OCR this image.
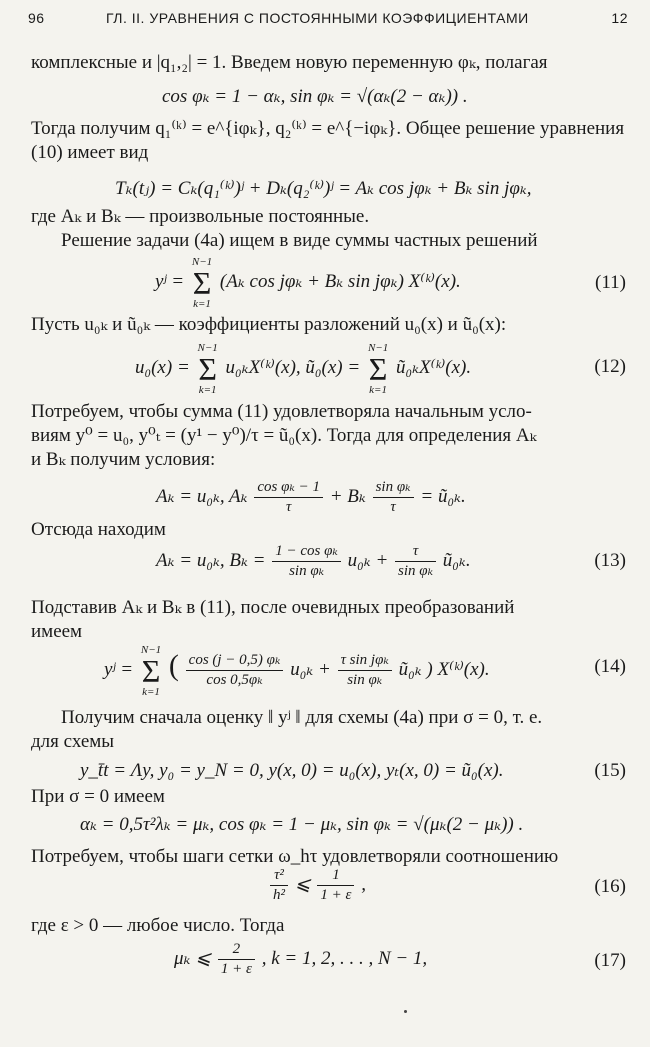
96	ГЛ. II. УРАВНЕНИЯ С ПОСТОЯННЫМИ КОЭФФИЦИЕНТАМИ	12
комплексные и |q₁,₂| = 1. Введем новую переменную φₖ, полагая
cos φₖ = 1 − αₖ, sin φₖ = √(αₖ(2 − αₖ)) .
Тогда получим q₁⁽ᵏ⁾ = e^{iφₖ}, q₂⁽ᵏ⁾ = e^{−iφₖ}. Общее решение уравнения
(10) имеет вид
Tₖ(tⱼ) = Cₖ(q₁⁽ᵏ⁾)ʲ + Dₖ(q₂⁽ᵏ⁾)ʲ = Aₖ cos jφₖ + Bₖ sin jφₖ,
где Aₖ и Bₖ — произвольные постоянные.
Решение задачи (4а) ищем в виде суммы частных решений
yʲ =
N−1
Σ
k=1
(Aₖ cos jφₖ + Bₖ sin jφₖ) X⁽ᵏ⁾(x).	(11)
Пусть u₀ₖ и ũ₀ₖ — коэффициенты разложений u₀(x) и ũ₀(x):
u₀(x) =
N−1
Σ
k=1
u₀ₖX⁽ᵏ⁾(x), ũ₀(x) =
N−1
Σ
k=1
ũ₀ₖX⁽ᵏ⁾(x).	(12)
Потребуем, чтобы сумма (11) удовлетворяла начальным усло-
виям y⁰ = u₀, y⁰ₜ = (y¹ − y⁰)/τ = ũ₀(x). Тогда для определения Aₖ
и Bₖ получим условия:
Aₖ = u₀ₖ, Aₖ $\frac{\text{cos φₖ − 1}}{\tau} + B_k \frac{\text{sin φₖ}}{\tau}$ = ũ₀ₖ.
Отсюда находим
Aₖ = u₀ₖ, $B_k = \frac{\text{1 − cos φₖ}}{\text{sin φₖ}} u_{0k} + \frac{\tau}{\text{sin φₖ}}$ ũ₀ₖ.	(13)
Подставив Aₖ и Bₖ в (11), после очевидных преобразований
имеем
yʲ =
N−1
Σ
k=1
( $\frac{\text{cos (j − 0,5) φₖ}}{\text{cos 0,5φₖ}} u_{0k} + \frac{\text{τ sin jφₖ}}{\text{sin φₖ}}$ ũ₀ₖ ) X⁽ᵏ⁾(x).	(14)
Получим сначала оценку ‖ yʲ ‖ для схемы (4а) при σ = 0, т. е.
для схемы
y_t̄t = Λy, y₀ = y_N = 0, y(x, 0) = u₀(x), yₜ(x, 0) = ũ₀(x).	(15)
При σ = 0 имеем
αₖ = 0,5τ²λₖ = μₖ, cos φₖ = 1 − μₖ, sin φₖ = √(μₖ(2 − μₖ)) .
Потребуем, чтобы шаги сетки ω_hτ удовлетворяли соотношению
$\frac{\text{τ²}}{\text{h²}}$ ⩽ $\frac{1}{1 + \varepsilon}$ ,	(16)
где ε > 0 — любое число. Тогда
μₖ ⩽ $\frac{2}{1 + \varepsilon}$ , k = 1, 2, . . . , N − 1,	(17)
